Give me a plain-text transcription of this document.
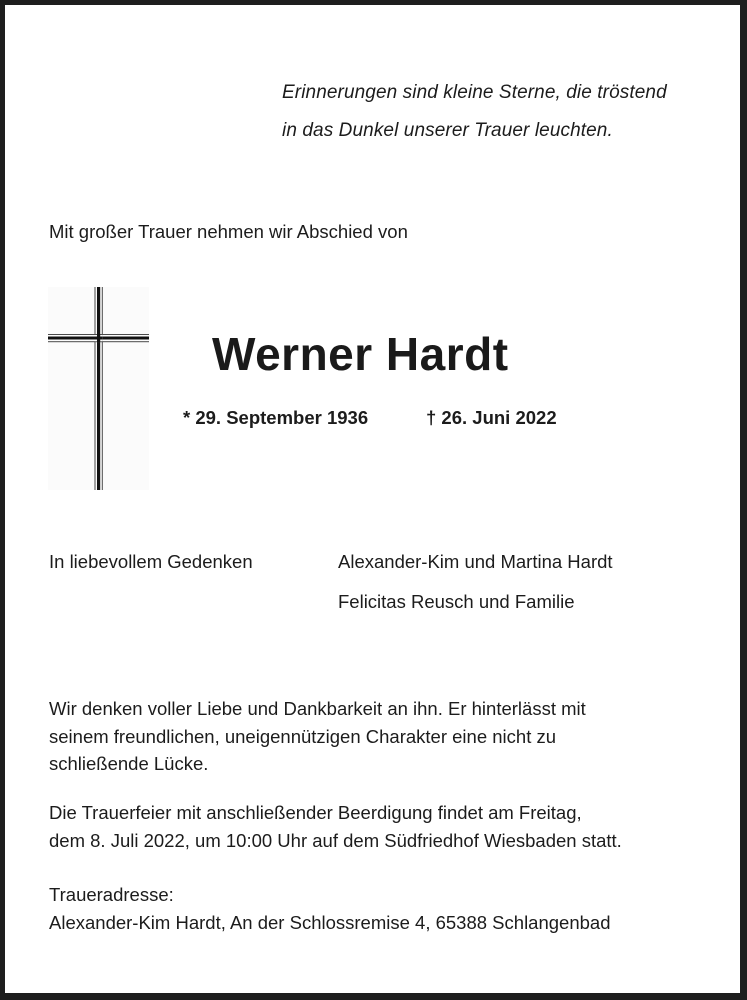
Erinnerungen sind kleine Sterne, die tröstend
in das Dunkel unserer Trauer leuchten.
Mit großer Trauer nehmen wir Abschied von
Werner Hardt
* 29. September 1936	† 26. Juni 2022
In liebevollem Gedenken	Alexander-Kim und Martina Hardt
Felicitas Reusch und Familie
Wir denken voller Liebe und Dankbarkeit an ihn. Er hinterlässt mit
seinem freundlichen, uneigennützigen Charakter eine nicht zu
schließende Lücke.
Die Trauerfeier mit anschließender Beerdigung findet am Freitag,
dem 8. Juli 2022, um 10:00 Uhr auf dem Südfriedhof Wiesbaden statt.
Traueradresse:
Alexander-Kim Hardt, An der Schlossremise 4, 65388 Schlangenbad
